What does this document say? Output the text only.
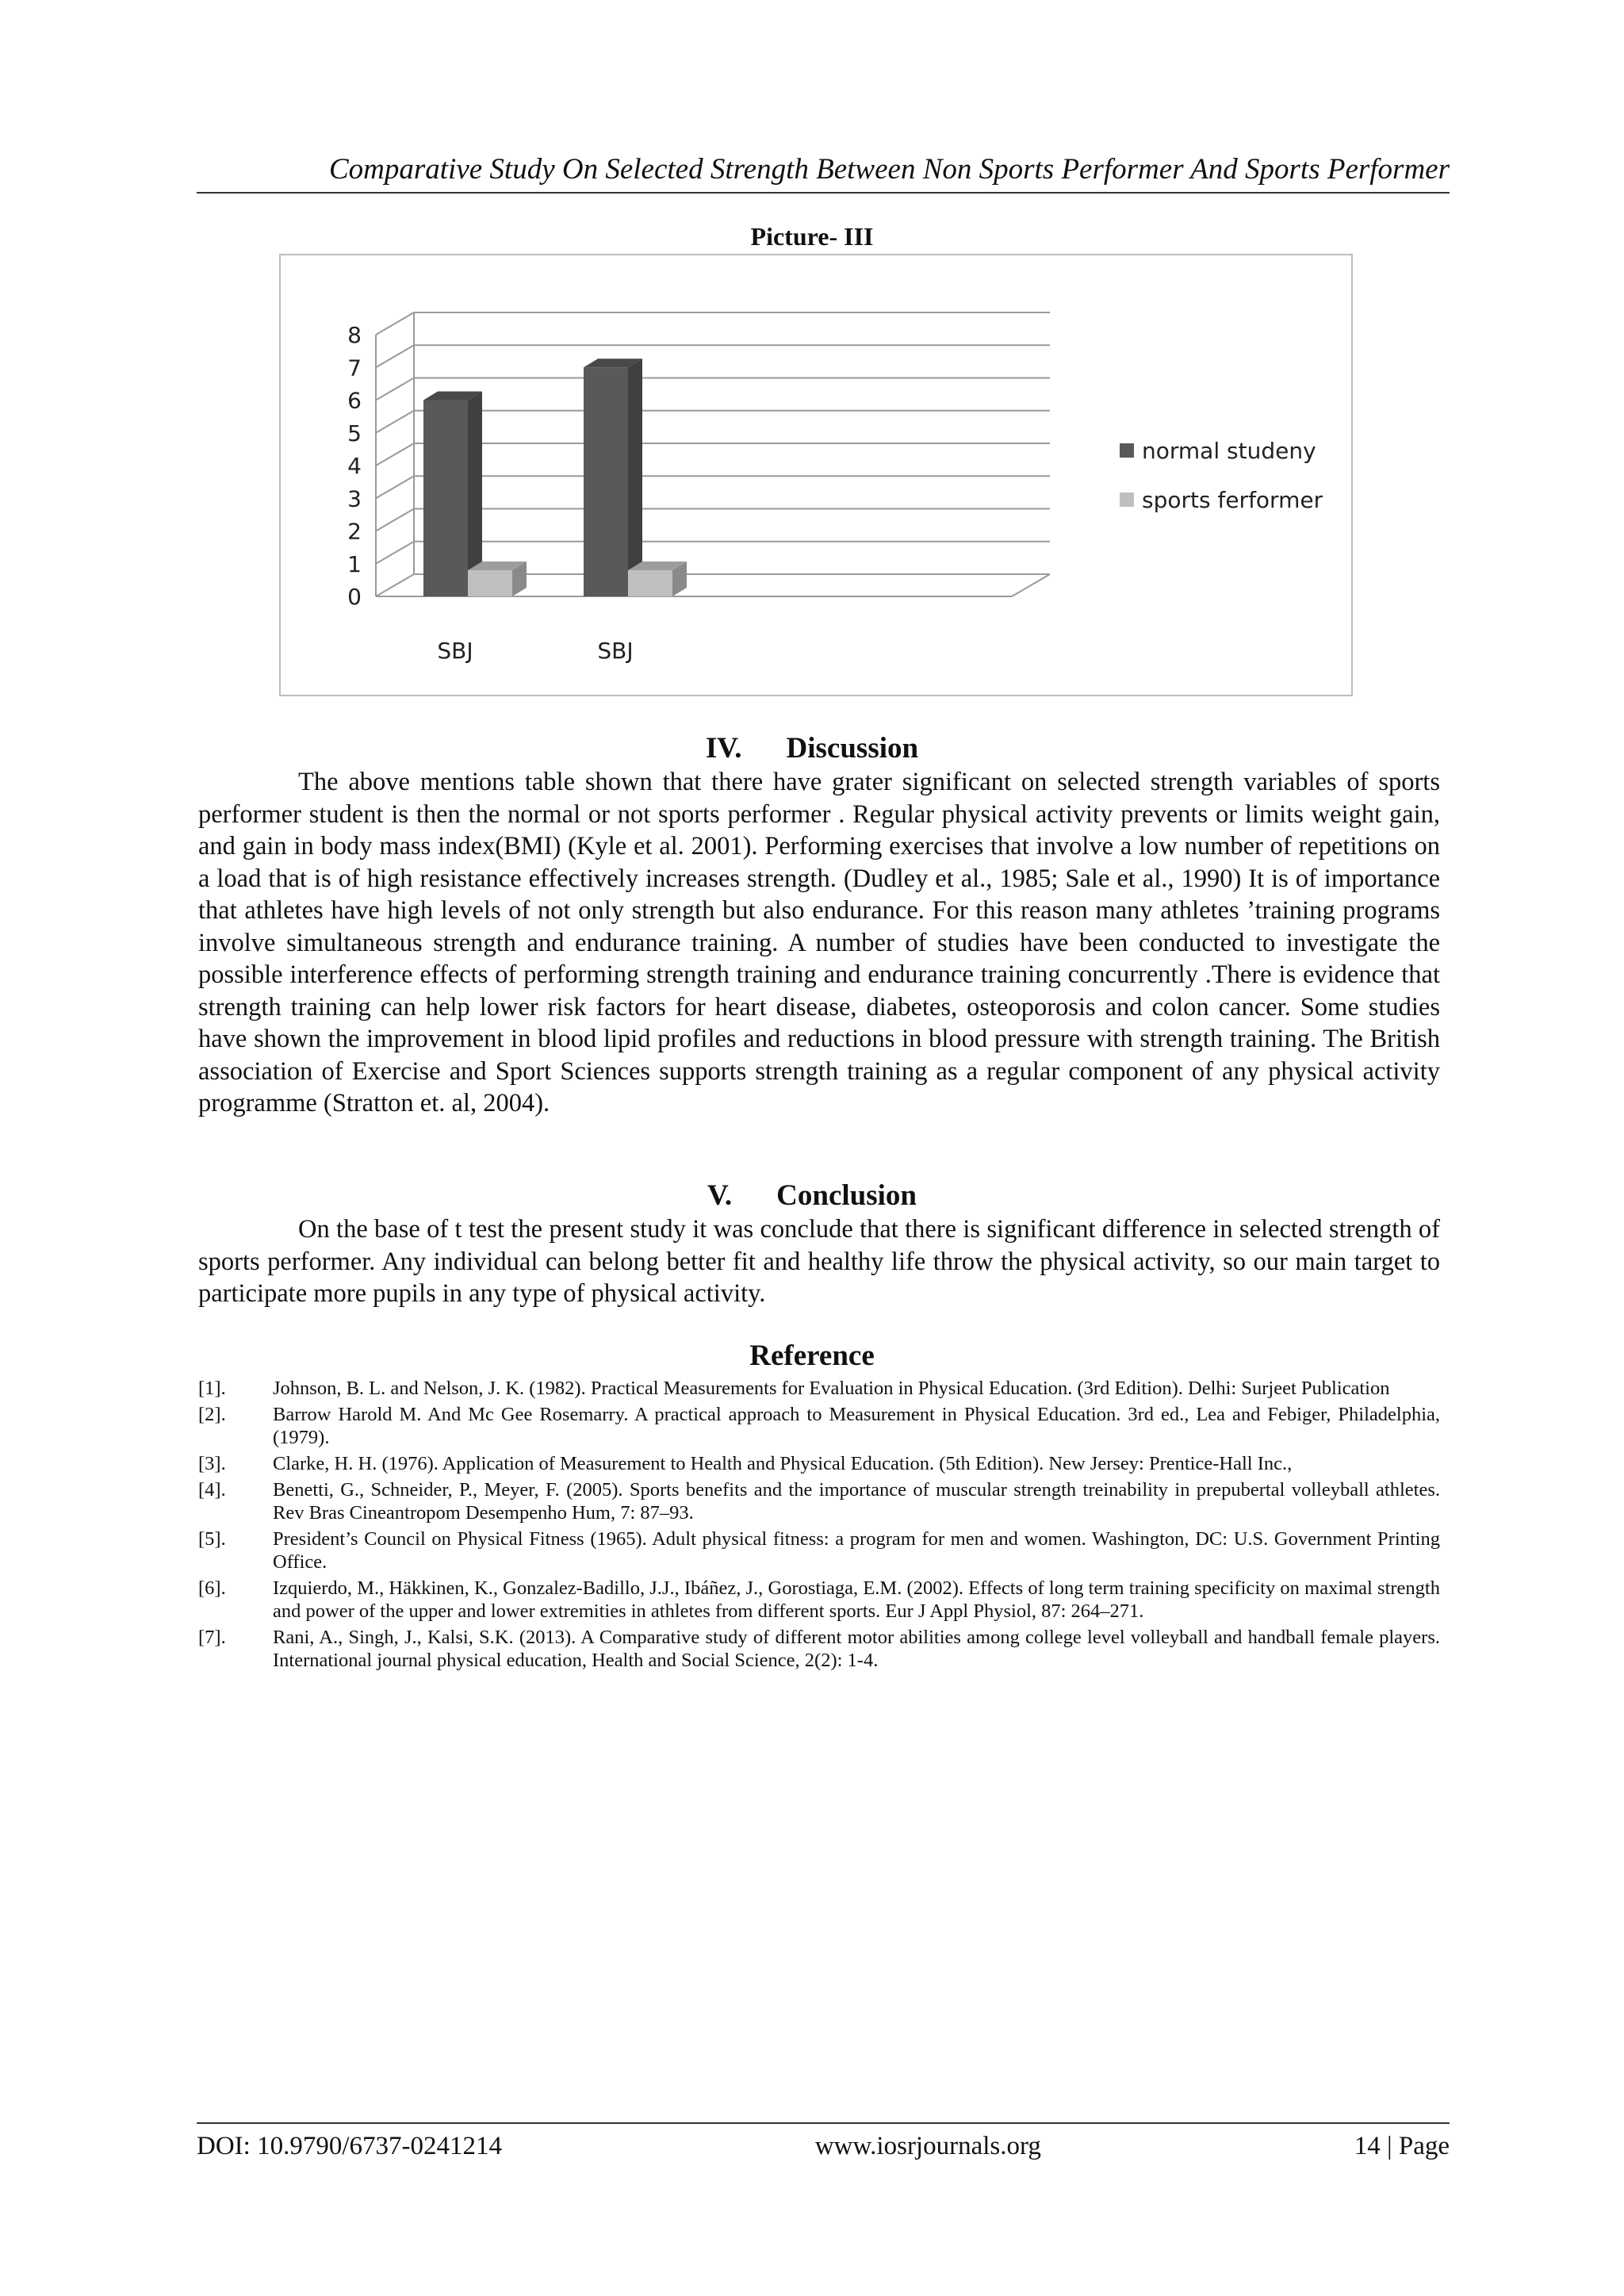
Comparative Study On Selected Strength Between Non Sports Performer And Sports Performer
Picture- III
0
1
2
3
4
5
6
7
8
SBJ	SBJ
normal studeny
sports ferformer
IV. Discussion

The above mentions table shown that there have grater significant on selected strength variables of sports performer student is then the normal or not sports performer . Regular physical activity prevents or limits weight gain, and gain in body mass index(BMI) (Kyle et al. 2001). Performing exercises that involve a low number of repetitions on a load that is of high resistance effectively increases strength. (Dudley et al., 1985; Sale et al., 1990) It is of importance that athletes have high levels of not only strength but also endurance. For this reason many athletes ’training programs involve simultaneous strength and endurance training. A number of studies have been conducted to investigate the possible interference effects of performing strength training and endurance training concurrently .There is evidence that strength training can help lower risk factors for heart disease, diabetes, osteoporosis and colon cancer. Some studies have shown the improvement in blood lipid profiles and reductions in blood pressure with strength training. The British association of Exercise and Sport Sciences supports strength training as a regular component of any physical activity programme (Stratton et. al, 2004).

V. Conclusion

On the base of t test the present study it was conclude that there is significant difference in selected strength of sports performer. Any individual can belong better fit and healthy life throw the physical activity, so our main target to participate more pupils in any type of physical activity.

Reference
[1].	Johnson, B. L. and Nelson, J. K. (1982). Practical Measurements for Evaluation in Physical Education. (3rd Edition). Delhi: Surjeet Publication
[2].	Barrow Harold M. And Mc Gee Rosemarry. A practical approach to Measurement in Physical Education. 3rd ed., Lea and Febiger, Philadelphia, (1979).
[3].	Clarke, H. H. (1976). Application of Measurement to Health and Physical Education. (5th Edition). New Jersey: Prentice-Hall Inc.,
[4].	Benetti, G., Schneider, P., Meyer, F. (2005). Sports benefits and the importance of muscular strength treinability in prepubertal volleyball athletes. Rev Bras Cineantropom Desempenho Hum, 7: 87–93.
[5].	President’s Council on Physical Fitness (1965). Adult physical fitness: a program for men and women. Washington, DC: U.S. Government Printing Office.
[6].	Izquierdo, M., Häkkinen, K., Gonzalez-Badillo, J.J., Ibáñez, J., Gorostiaga, E.M. (2002). Effects of long term training specificity on maximal strength and power of the upper and lower extremities in athletes from different sports. Eur J Appl Physiol, 87: 264–271.
[7].	Rani, A., Singh, J., Kalsi, S.K. (2013). A Comparative study of different motor abilities among college level volleyball and handball female players. International journal physical education, Health and Social Science, 2(2): 1-4.
DOI: 10.9790/6737-0241214	www.iosrjournals.org	14 | Page
